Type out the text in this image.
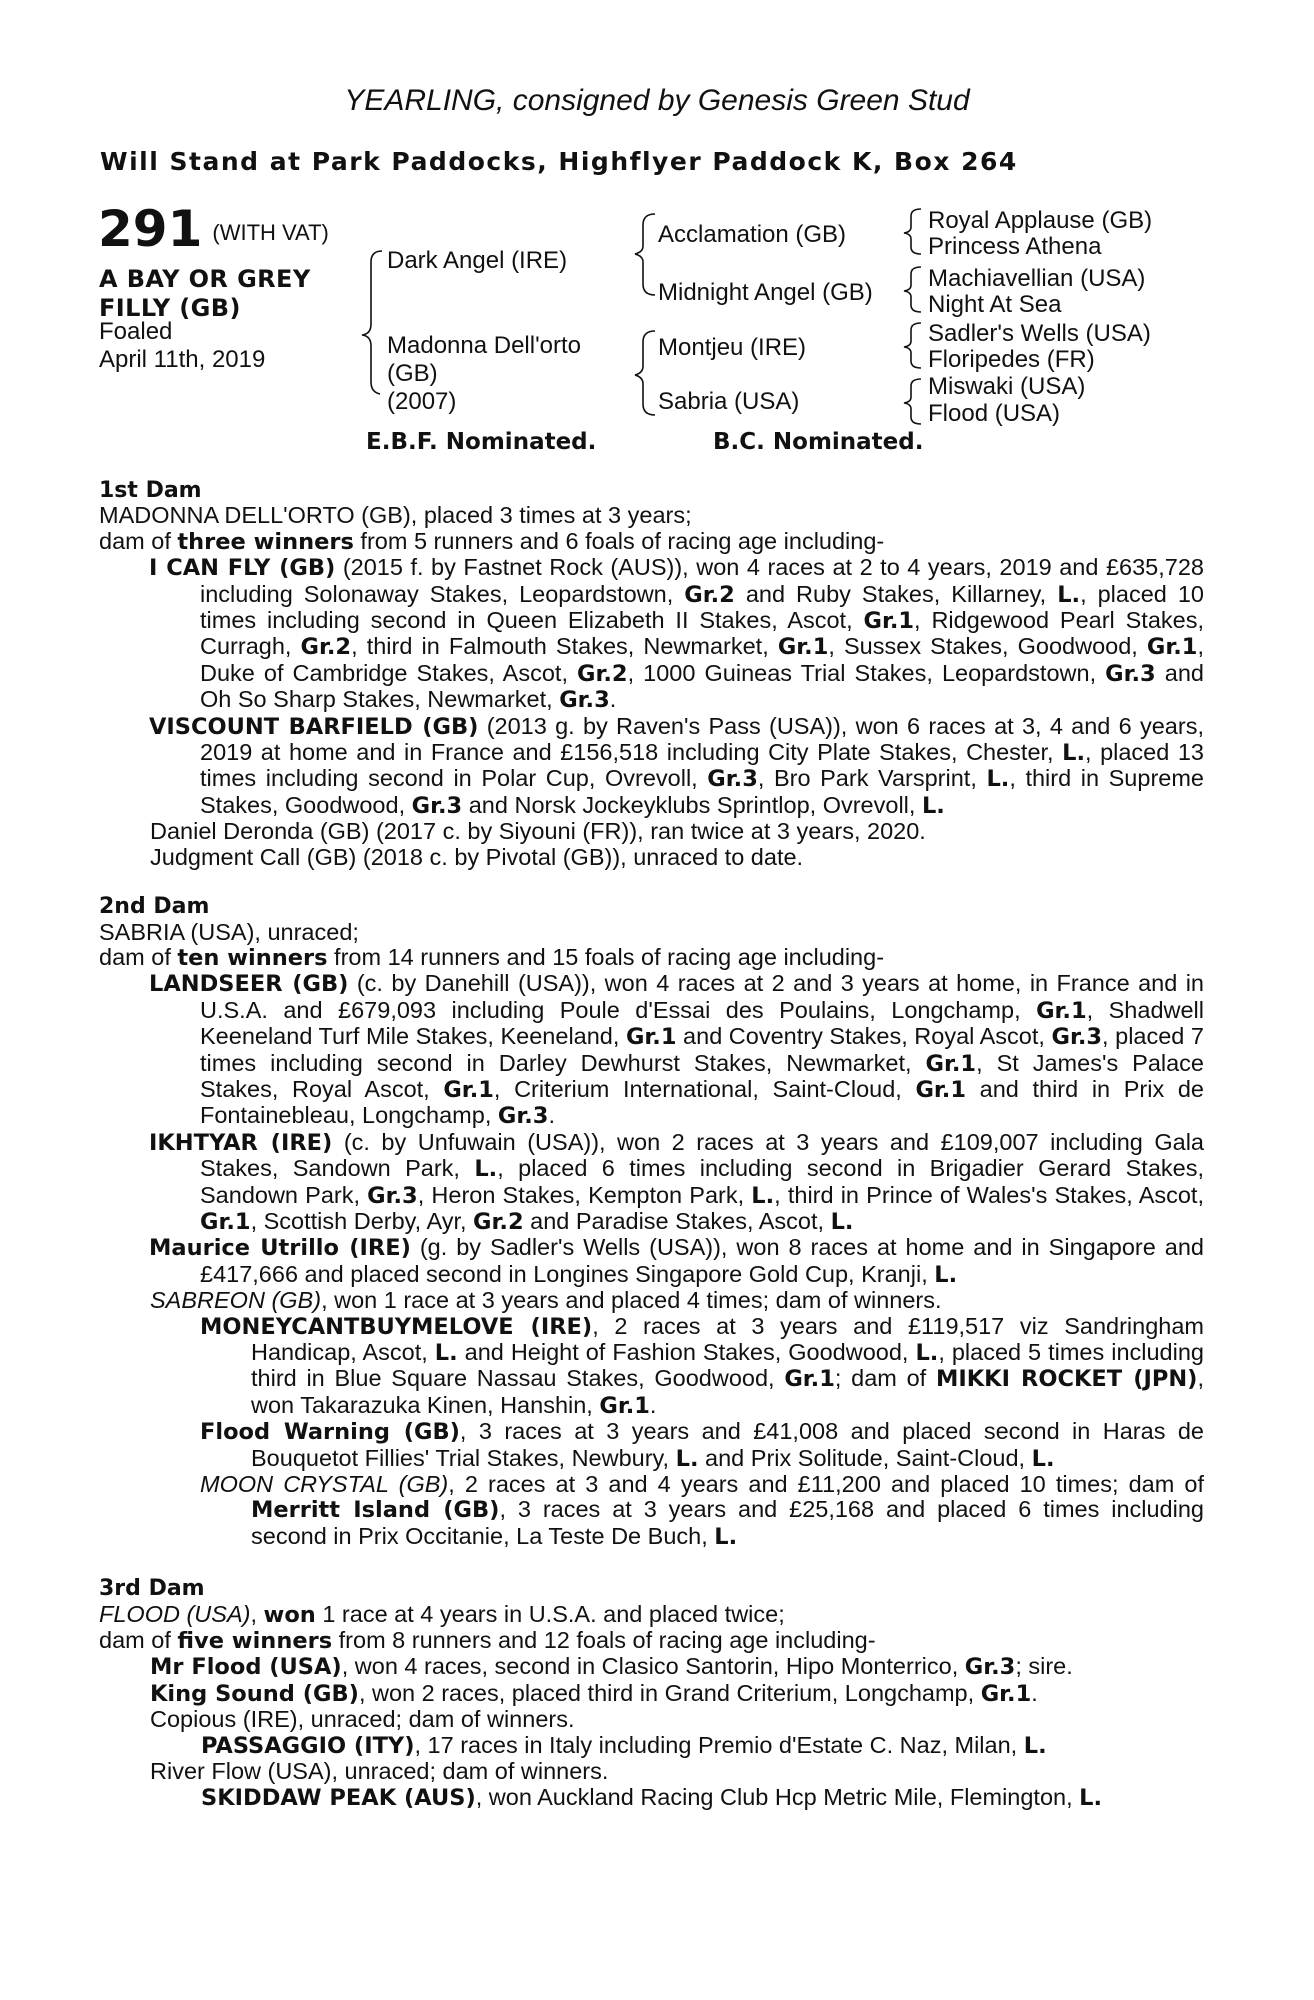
YEARLING, consigned by Genesis Green Stud
Will Stand at Park Paddocks, Highflyer Paddock K, Box 264
291 (WITH VAT)
A BAY OR GREY
FILLY (GB)
Foaled
April 11th, 2019
Dark Angel (IRE)
Madonna Dell'orto
(GB)
(2007)
Acclamation (GB)
Midnight Angel (GB)
Montjeu (IRE)
Sabria (USA)
Royal Applause (GB)
Princess Athena
Machiavellian (USA)
Night At Sea
Sadler's Wells (USA)
Floripedes (FR)
Miswaki (USA)
Flood (USA)
E.B.F. Nominated.	B.C. Nominated.
1st Dam
MADONNA DELL'ORTO (GB), placed 3 times at 3 years;
dam of three winners from 5 runners and 6 foals of racing age including-
I CAN FLY (GB) (2015 f. by Fastnet Rock (AUS)), won 4 races at 2 to 4 years, 2019 and £635,728 including Solonaway Stakes, Leopardstown, Gr.2 and Ruby Stakes, Killarney, L., placed 10 times including second in Queen Elizabeth II Stakes, Ascot, Gr.1, Ridgewood Pearl Stakes, Curragh, Gr.2, third in Falmouth Stakes, Newmarket, Gr.1, Sussex Stakes, Goodwood, Gr.1, Duke of Cambridge Stakes, Ascot, Gr.2, 1000 Guineas Trial Stakes, Leopardstown, Gr.3 and Oh So Sharp Stakes, Newmarket, Gr.3.
VISCOUNT BARFIELD (GB) (2013 g. by Raven's Pass (USA)), won 6 races at 3, 4 and 6 years, 2019 at home and in France and £156,518 including City Plate Stakes, Chester, L., placed 13 times including second in Polar Cup, Ovrevoll, Gr.3, Bro Park Varsprint, L., third in Supreme Stakes, Goodwood, Gr.3 and Norsk Jockeyklubs Sprintlop, Ovrevoll, L.
Daniel Deronda (GB) (2017 c. by Siyouni (FR)), ran twice at 3 years, 2020.
Judgment Call (GB) (2018 c. by Pivotal (GB)), unraced to date.
2nd Dam
SABRIA (USA), unraced;
dam of ten winners from 14 runners and 15 foals of racing age including-
LANDSEER (GB) (c. by Danehill (USA)), won 4 races at 2 and 3 years at home, in France and in U.S.A. and £679,093 including Poule d'Essai des Poulains, Longchamp, Gr.1, Shadwell Keeneland Turf Mile Stakes, Keeneland, Gr.1 and Coventry Stakes, Royal Ascot, Gr.3, placed 7 times including second in Darley Dewhurst Stakes, Newmarket, Gr.1, St James's Palace Stakes, Royal Ascot, Gr.1, Criterium International, Saint-Cloud, Gr.1 and third in Prix de Fontainebleau, Longchamp, Gr.3.
IKHTYAR (IRE) (c. by Unfuwain (USA)), won 2 races at 3 years and £109,007 including Gala Stakes, Sandown Park, L., placed 6 times including second in Brigadier Gerard Stakes, Sandown Park, Gr.3, Heron Stakes, Kempton Park, L., third in Prince of Wales's Stakes, Ascot, Gr.1, Scottish Derby, Ayr, Gr.2 and Paradise Stakes, Ascot, L.
Maurice Utrillo (IRE) (g. by Sadler's Wells (USA)), won 8 races at home and in Singapore and £417,666 and placed second in Longines Singapore Gold Cup, Kranji, L.
SABREON (GB), won 1 race at 3 years and placed 4 times; dam of winners.
MONEYCANTBUYMELOVE (IRE), 2 races at 3 years and £119,517 viz Sandringham Handicap, Ascot, L. and Height of Fashion Stakes, Goodwood, L., placed 5 times including third in Blue Square Nassau Stakes, Goodwood, Gr.1; dam of MIKKI ROCKET (JPN), won Takarazuka Kinen, Hanshin, Gr.1.
Flood Warning (GB), 3 races at 3 years and £41,008 and placed second in Haras de Bouquetot Fillies' Trial Stakes, Newbury, L. and Prix Solitude, Saint-Cloud, L.
MOON CRYSTAL (GB), 2 races at 3 and 4 years and £11,200 and placed 10 times; dam of Merritt Island (GB), 3 races at 3 years and £25,168 and placed 6 times including second in Prix Occitanie, La Teste De Buch, L.
3rd Dam
FLOOD (USA), won 1 race at 4 years in U.S.A. and placed twice;
dam of five winners from 8 runners and 12 foals of racing age including-
Mr Flood (USA), won 4 races, second in Clasico Santorin, Hipo Monterrico, Gr.3; sire.
King Sound (GB), won 2 races, placed third in Grand Criterium, Longchamp, Gr.1.
Copious (IRE), unraced; dam of winners.
PASSAGGIO (ITY), 17 races in Italy including Premio d'Estate C. Naz, Milan, L.
River Flow (USA), unraced; dam of winners.
SKIDDAW PEAK (AUS), won Auckland Racing Club Hcp Metric Mile, Flemington, L.
